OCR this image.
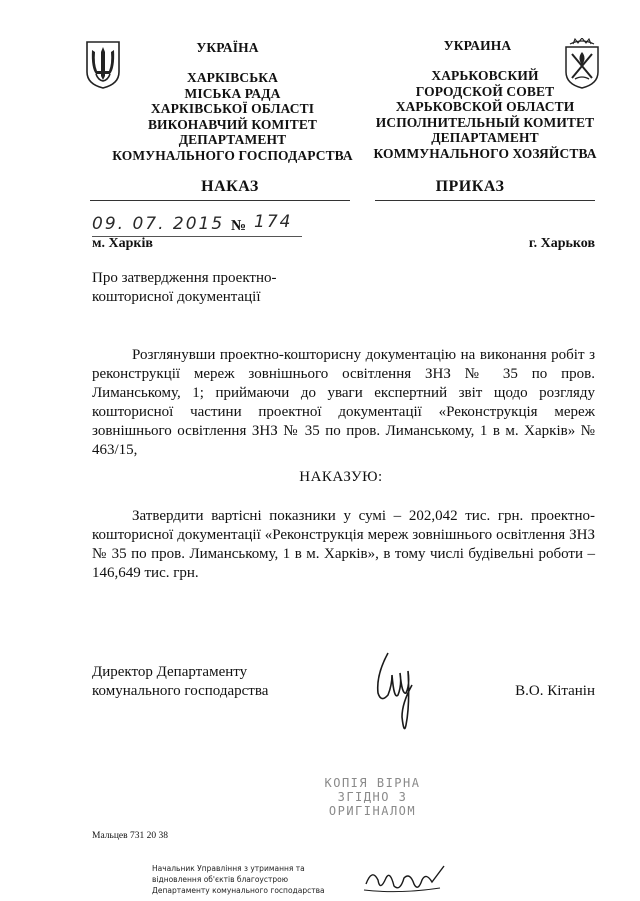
УКРАЇНА
ХАРКІВСЬКА
МІСЬКА РАДА
ХАРКІВСЬКОЇ ОБЛАСТІ
ВИКОНАВЧИЙ КОМІТЕТ
ДЕПАРТАМЕНТ
КОМУНАЛЬНОГО ГОСПОДАРСТВА
УКРАИНА
ХАРЬКОВСКИЙ
ГОРОДСКОЙ СОВЕТ
ХАРЬКОВСКОЙ ОБЛАСТИ
ИСПОЛНИТЕЛЬНЫЙ КОМИТЕТ
ДЕПАРТАМЕНТ
КОММУНАЛЬНОГО ХОЗЯЙСТВА
НАКАЗ	ПРИКАЗ
09. 07. 2015 № 174
м. Харків	г. Харьков
Про затвердження проектно-кошторисної документації
Розглянувши проектно-кошторисну документацію на виконання робіт з реконструкції мереж зовнішнього освітлення ЗНЗ № 35 по пров. Лиманському, 1; приймаючи до уваги експертний звіт щодо розгляду кошторисної частини проектної документації «Реконструкція мереж зовнішнього освітлення ЗНЗ № 35 по пров. Лиманському, 1 в м. Харків» № 463/15,
НАКАЗУЮ:
Затвердити вартісні показники у сумі – 202,042 тис. грн. проектно-кошторисної документації «Реконструкція мереж зовнішнього освітлення ЗНЗ № 35 по пров. Лиманському, 1 в м. Харків», в тому числі будівельні роботи – 146,649 тис. грн.
Директор Департаменту
комунального господарства	В.О. Кітанін
КОПІЯ ВІРНА
ЗГІДНО З
ОРИГІНАЛОМ
Мальцев 731 20 38
Начальник Управління з утримання та
відновлення об'єктів благоустрою
Департаменту комунального господарства
